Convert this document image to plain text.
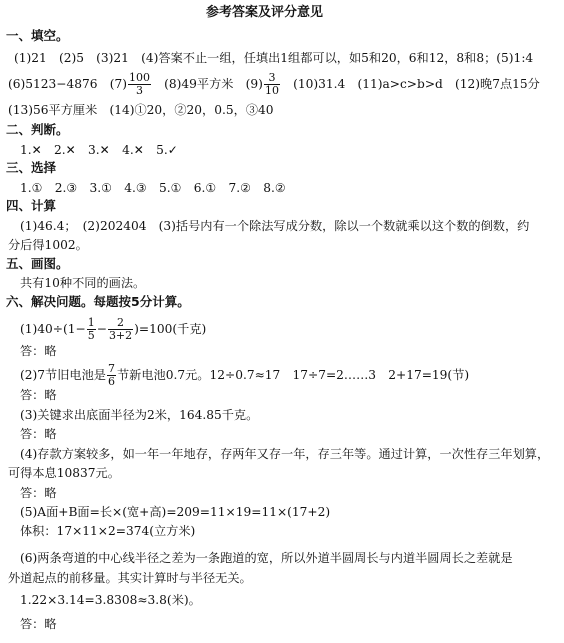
参考答案及评分意见
一、填空。
(1)21　(2)5　(3)21　(4)答案不止一组，任填出1组都可以，如5和20，6和12，8和8；(5)1:4
(6)5123−4876　$(7) \frac{100}{3}$ 　(8)49平方米　$(9) \frac{3}{10}$ 　(10)31.4　(11)a>c>b>d　(12)晚7点15分
(13)56平方厘米　(14)①20，②20，0.5，③40
二、判断。
1.✕　2.✕　3.✕　4.✕　5.✓
三、选择
1.①　2.③　3.①　4.③　5.①　6.①　7.②　8.②
四、计算
(1)46.4；　(2)202404　(3)括号内有一个除法写成分数，除以一个数就乘以这个数的倒数，约
分后得1002。
五、画图。
共有10种不同的画法。
六、解决问题。每题按5分计算。
$(1)40\div(1- \frac{1}{5} - \frac{2}{3+2} )=100$(千克)
答：略
(2)7节旧电池是 $\frac{7}{6}$ 节新电池0.7元。12÷0.7≈17　17÷7=2……3　2+17=19(节)
答：略
(3)关键求出底面半径为2米，164.85千克。
答：略
(4)存款方案较多，如一年一年地存，存两年又存一年，存三年等。通过计算，一次性存三年划算，
可得本息10837元。
答：略
(5)A面+B面=长×(宽+高)=209=11×19=11×(17+2)
体积：17×11×2=374(立方米)
(6)两条弯道的中心线半径之差为一条跑道的宽，所以外道半圆周长与内道半圆周长之差就是
外道起点的前移量。其实计算时与半径无关。
1.22×3.14=3.8308≈3.8(米)。
答：略
